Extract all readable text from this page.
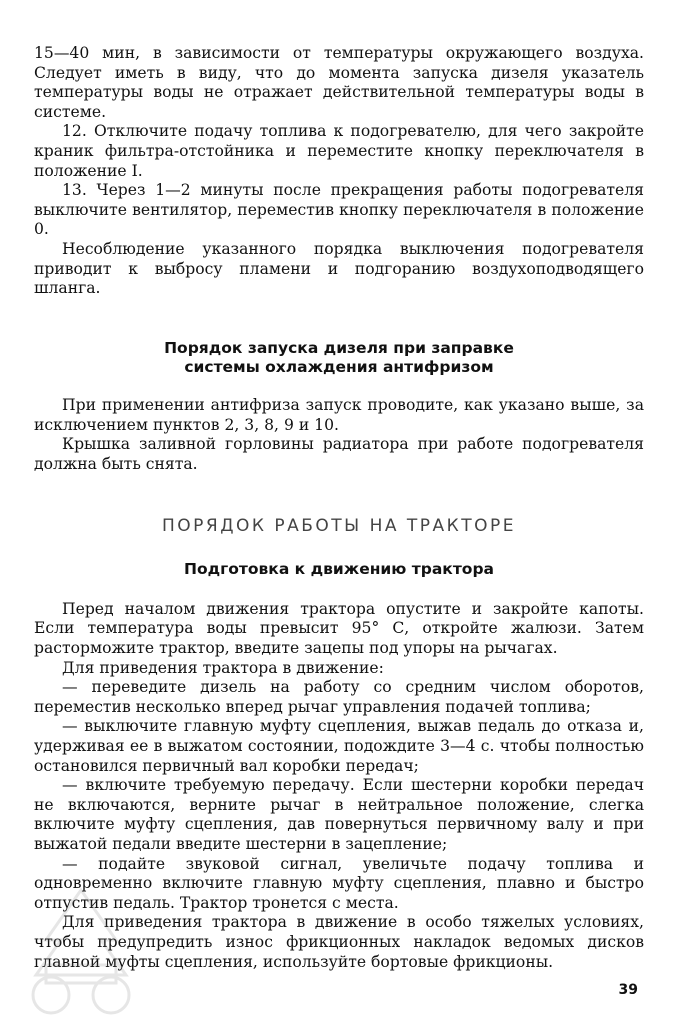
15—40 мин, в зависимости от температуры окружающего воздуха. Следует иметь в виду, что до момента запуска дизеля указатель температуры воды не отражает действительной температуры воды в системе.

12. Отключите подачу топлива к подогревателю, для чего закройте краник фильтра-отстойника и переместите кнопку переключателя в положение I.

13. Через 1—2 минуты после прекращения работы подогревателя выключите вентилятор, переместив кнопку переключателя в положение 0.

Несоблюдение указанного порядка выключения подогревателя приводит к выбросу пламени и подгоранию воздухоподводящего шланга.

Порядок запуска дизеля при заправке
системы охлаждения антифризом

При применении антифриза запуск проводите, как указано выше, за исключением пунктов 2, 3, 8, 9 и 10.

Крышка заливной горловины радиатора при работе подогревателя должна быть снята.

ПОРЯДОК РАБОТЫ НА ТРАКТОРЕ
Подготовка к движению трактора

Перед началом движения трактора опустите и закройте капоты. Если температура воды превысит 95° С, откройте жалюзи. Затем расторможите трактор, введите зацепы под упоры на рычагах.

Для приведения трактора в движение:

— переведите дизель на работу со средним числом оборотов, переместив несколько вперед рычаг управления подачей топлива;

— выключите главную муфту сцепления, выжав педаль до отказа и, удерживая ее в выжатом состоянии, подождите 3—4 с. чтобы полностью остановился первичный вал коробки передач;

— включите требуемую передачу. Если шестерни коробки передач не включаются, верните рычаг в нейтральное положение, слегка включите муфту сцепления, дав повернуться первичному валу и при выжатой педали введите шестерни в зацепление;

— подайте звуковой сигнал, увеличьте подачу топлива и одновременно включите главную муфту сцепления, плавно и быстро отпустив педаль. Трактор тронется с места.

Для приведения трактора в движение в особо тяжелых условиях, чтобы предупредить износ фрикционных накладок ведомых дисков главной муфты сцепления, используйте бортовые фрикционы.

39
